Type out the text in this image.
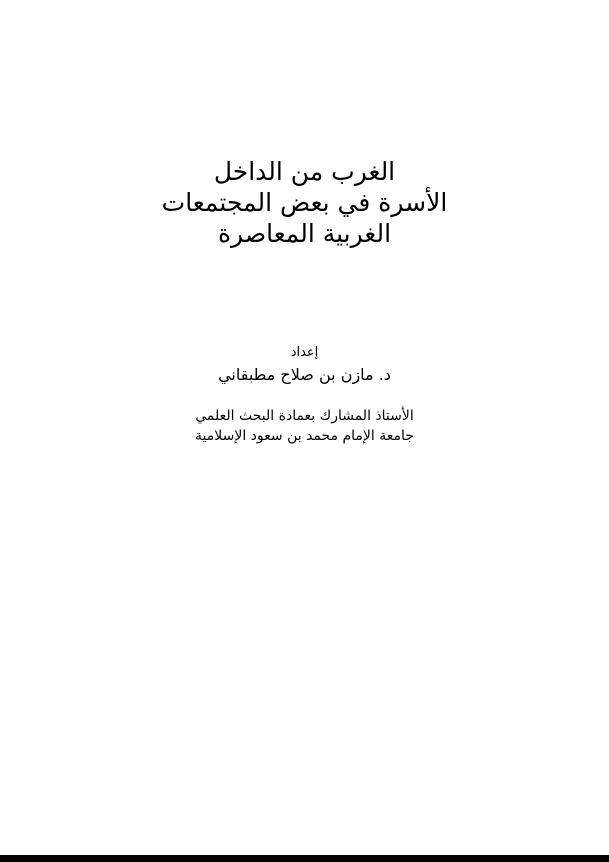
الغرب من الداخل
الأسرة في بعض المجتمعات
الغربية المعاصرة
إعداد
د. مازن بن صلاح مطبقاني
الأستاذ المشارك بعمادة البحث العلمي
جامعة الإمام محمد بن سعود الإسلامية
